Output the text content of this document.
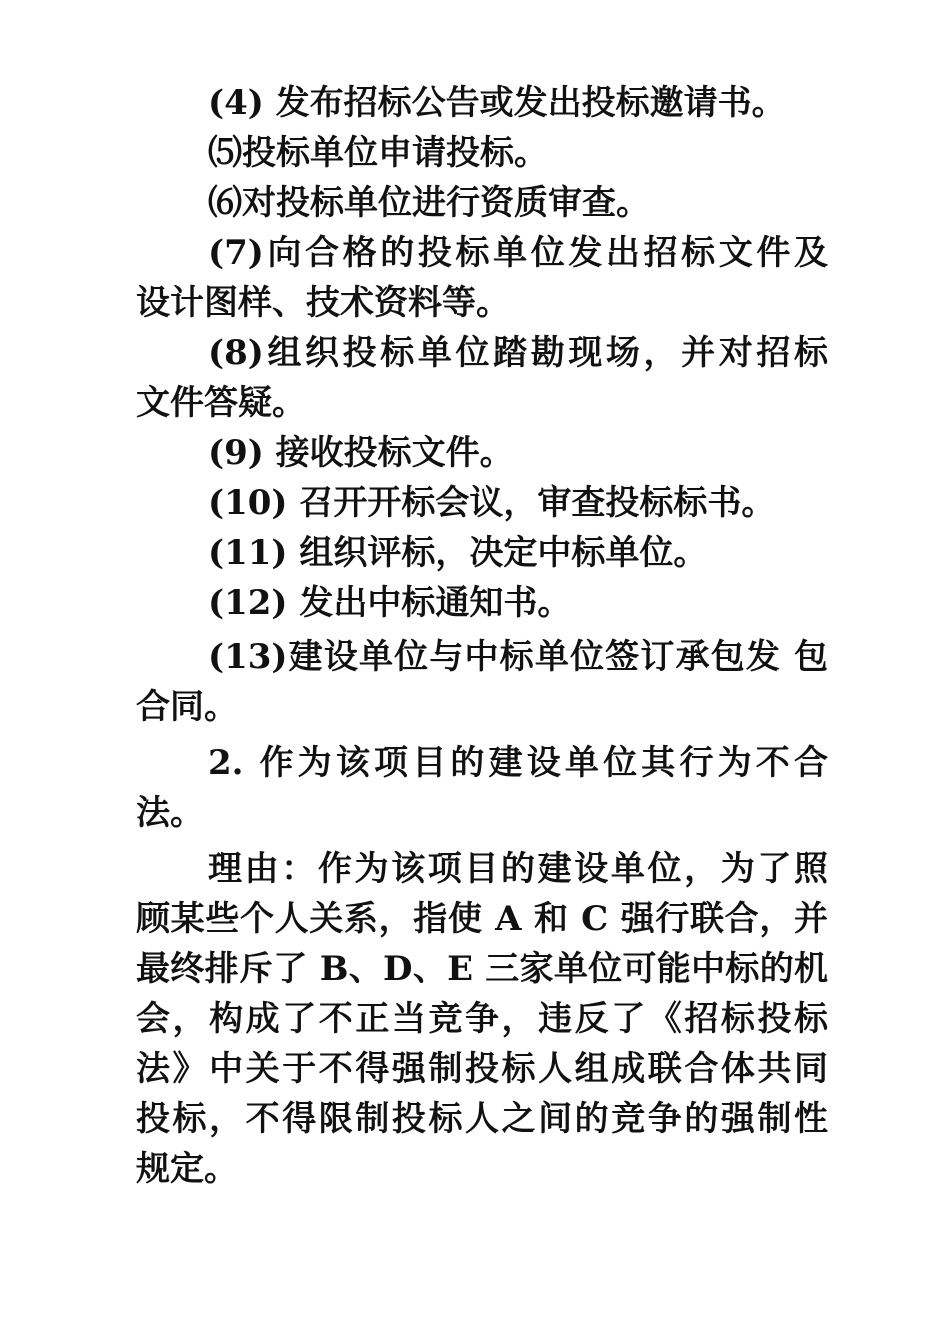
(4) 发布招标公告或发出投标邀请书。
⑸投标单位申请投标。
⑹对投标单位进行资质审查。
(7)向合格的投标单位发出招标文件及
设计图样、技术资料等。
(8)组织投标单位踏勘现场，并对招标
文件答疑。
(9) 接收投标文件。
(10) 召开开标会议，审查投标标书。
(11) 组织评标，决定中标单位。
(12) 发出中标通知书。
(13)建设单位与中标单位签订承包发 包
合同。
2. 作为该项目的建设单位其行为不合
法。
理由：作为该项目的建设单位，为了照
顾某些个人关系，指使 A 和 C 强行联合，并
最终排斥了 B、D、E 三家单位可能中标的机
会，构成了不正当竞争，违反了《招标投标
法》中关于不得强制投标人组成联合体共同
投标，不得限制投标人之间的竞争的强制性
规定。
